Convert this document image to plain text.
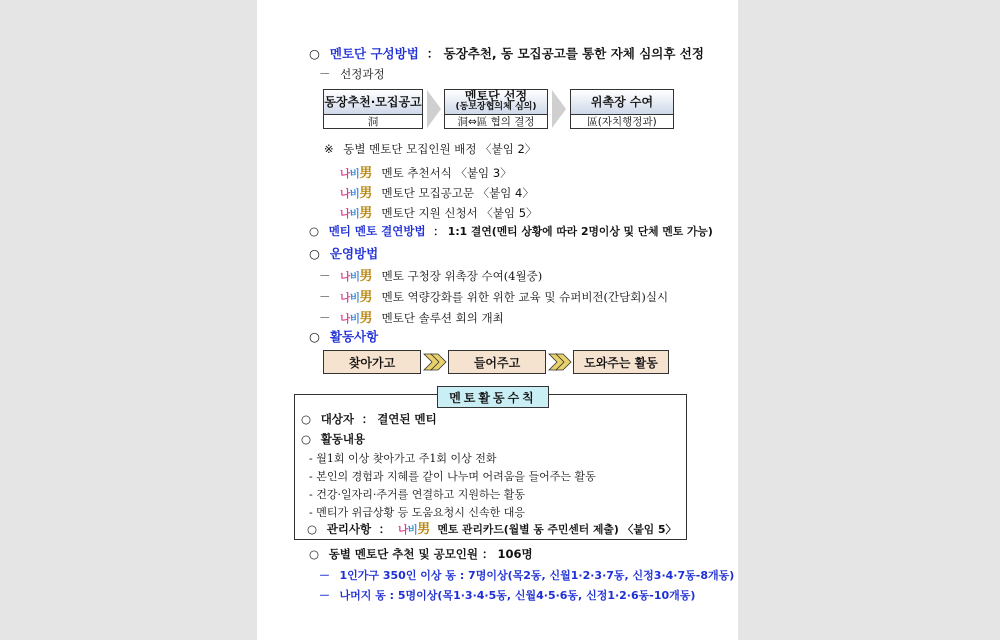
○ 멘토단 구성방법 ： 동장추천, 동 모집공고를 통한 자체 심의후 선정
－ 선정과정
동장추천·모집공고
洞
멘토단 선정
(동보장협의체 심의)
洞⇔區 협의 결정
위촉장 수여
區(자치행정과)
※ 동별 멘토단 모집인원 배정 〈붙임 2〉
나비男 멘토 추천서식 〈붙임 3〉
나비男 멘토단 모집공고문 〈붙임 4〉
나비男 멘토단 지원 신청서 〈붙임 5〉
○ 멘티 멘토 결연방법 ： 1:1 결연(멘티 상황에 따라 2명이상 및 단체 멘토 가능)
○ 운영방법
－ 나비男 멘토 구청장 위촉장 수여(4월중)
－ 나비男 멘토 역량강화를 위한 위한 교육 및 슈퍼비전(간담회)실시
－ 나비男 멘토단 솔루션 회의 개최
○ 활동사항
찾아가고	들어주고	도와주는 활동
멘토활동수칙
○ 대상자 ： 결연된 멘티
○ 활동내용
- 월1회 이상 찾아가고 주1회 이상 전화
- 본인의 경험과 지혜를 같이 나누며 어려움을 들어주는 활동
- 건강·일자리·주거를 연결하고 지원하는 활동
- 멘티가 위급상황 등 도움요청시 신속한 대응
○ 관리사항 ： 나비男 멘토 관리카드(월별 동 주민센터 제출) 〈붙임 5〉
○ 동별 멘토단 추천 및 공모인원 ： 106명
－ 1인가구 350인 이상 동 : 7명이상(목2동, 신월1·2·3·7동, 신정3·4·7동-8개동)
－ 나머지 동 : 5명이상(목1·3·4·5동, 신월4·5·6동, 신정1·2·6동-10개동)
